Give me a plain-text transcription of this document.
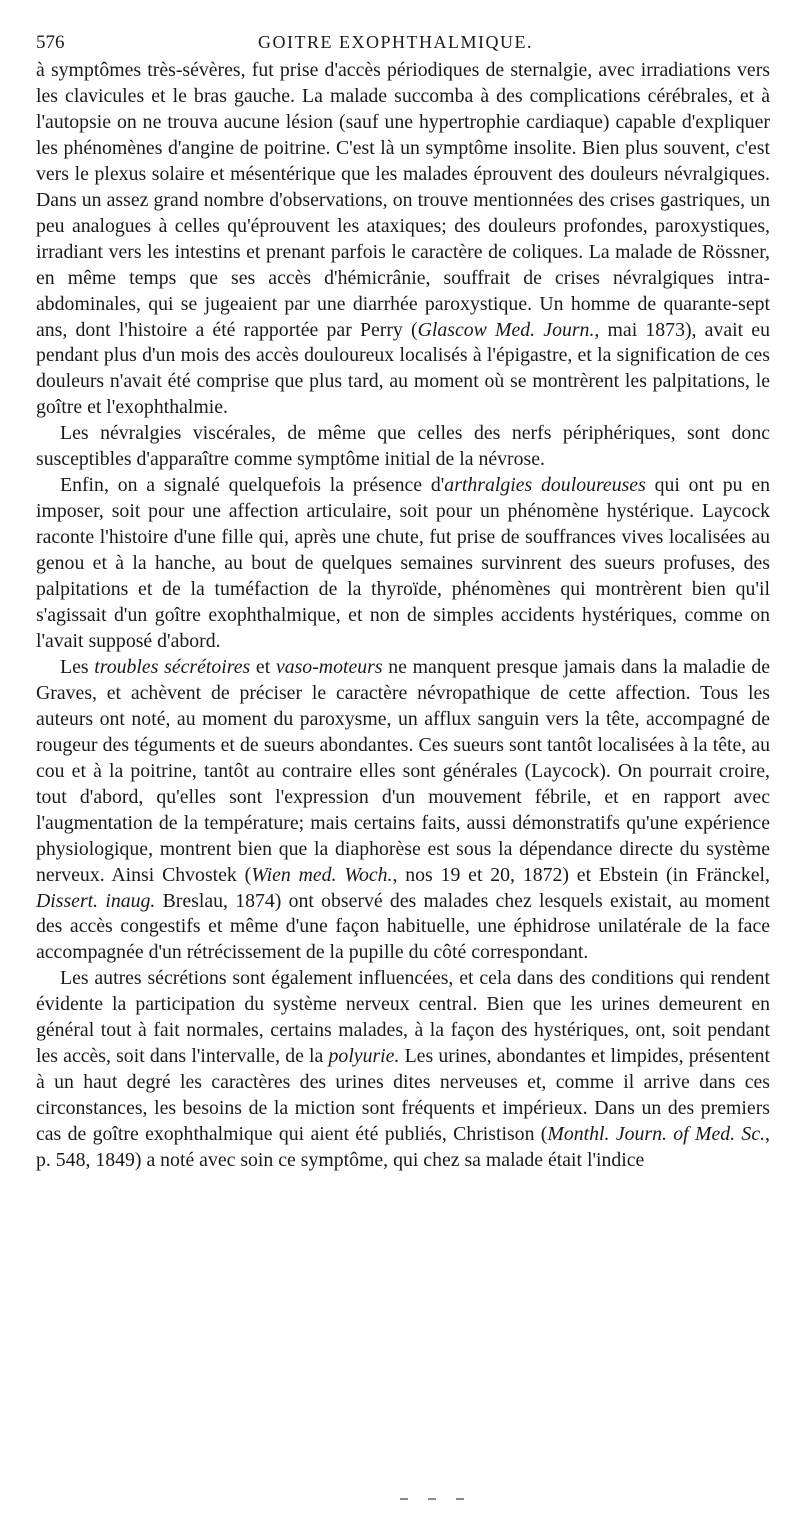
576	GOITRE EXOPHTHALMIQUE.

à symptômes très-sévères, fut prise d'accès périodiques de sternalgie, avec irradiations vers les clavicules et le bras gauche. La malade succomba à des complications cérébrales, et à l'autopsie on ne trouva aucune lésion (sauf une hypertrophie cardiaque) capable d'expliquer les phénomènes d'angine de poitrine. C'est là un symptôme insolite. Bien plus souvent, c'est vers le plexus solaire et mésentérique que les malades éprouvent des douleurs névralgiques. Dans un assez grand nombre d'observations, on trouve mentionnées des crises gastriques, un peu analogues à celles qu'éprouvent les ataxiques; des douleurs profondes, paroxystiques, irradiant vers les intestins et prenant parfois le caractère de coliques. La malade de Rössner, en même temps que ses accès d'hémicrânie, souffrait de crises névralgiques intra-abdominales, qui se jugeaient par une diarrhée paroxystique. Un homme de quarante-sept ans, dont l'histoire a été rapportée par Perry (Glascow Med. Journ., mai 1873), avait eu pendant plus d'un mois des accès douloureux localisés à l'épigastre, et la signification de ces douleurs n'avait été comprise que plus tard, au moment où se montrèrent les palpitations, le goître et l'exophthalmie.

Les névralgies viscérales, de même que celles des nerfs périphériques, sont donc susceptibles d'apparaître comme symptôme initial de la névrose.

Enfin, on a signalé quelquefois la présence d'arthralgies douloureuses qui ont pu en imposer, soit pour une affection articulaire, soit pour un phénomène hystérique. Laycock raconte l'histoire d'une fille qui, après une chute, fut prise de souffrances vives localisées au genou et à la hanche, au bout de quelques semaines survinrent des sueurs profuses, des palpitations et de la tuméfaction de la thyroïde, phénomènes qui montrèrent bien qu'il s'agissait d'un goître exophthalmique, et non de simples accidents hystériques, comme on l'avait supposé d'abord.

Les troubles sécrétoires et vaso-moteurs ne manquent presque jamais dans la maladie de Graves, et achèvent de préciser le caractère névropathique de cette affection. Tous les auteurs ont noté, au moment du paroxysme, un afflux sanguin vers la tête, accompagné de rougeur des téguments et de sueurs abondantes. Ces sueurs sont tantôt localisées à la tête, au cou et à la poitrine, tantôt au contraire elles sont générales (Laycock). On pourrait croire, tout d'abord, qu'elles sont l'expression d'un mouvement fébrile, et en rapport avec l'augmentation de la température; mais certains faits, aussi démonstratifs qu'une expérience physiologique, montrent bien que la diaphorèse est sous la dépendance directe du système nerveux. Ainsi Chvostek (Wien med. Woch., nos 19 et 20, 1872) et Ebstein (in Fränckel, Dissert. inaug. Breslau, 1874) ont observé des malades chez lesquels existait, au moment des accès congestifs et même d'une façon habituelle, une éphidrose unilatérale de la face accompagnée d'un rétrécissement de la pupille du côté correspondant.

Les autres sécrétions sont également influencées, et cela dans des conditions qui rendent évidente la participation du système nerveux central. Bien que les urines demeurent en général tout à fait normales, certains malades, à la façon des hystériques, ont, soit pendant les accès, soit dans l'intervalle, de la polyurie. Les urines, abondantes et limpides, présentent à un haut degré les caractères des urines dites nerveuses et, comme il arrive dans ces circonstances, les besoins de la miction sont fréquents et impérieux. Dans un des premiers cas de goître exophthalmique qui aient été publiés, Christison (Monthl. Journ. of Med. Sc., p. 548, 1849) a noté avec soin ce symptôme, qui chez sa malade était l'indice
